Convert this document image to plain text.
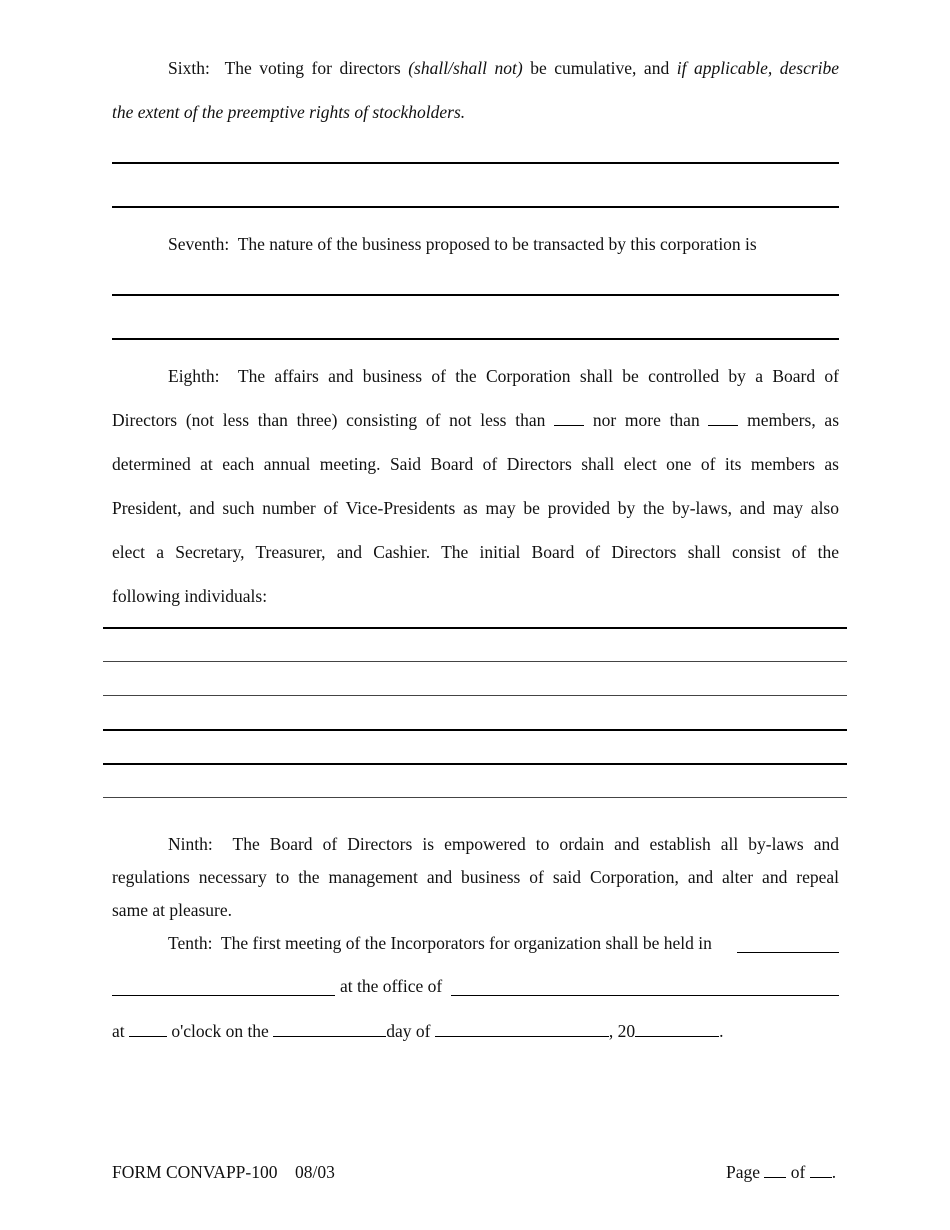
Sixth: The voting for directors (shall/shall not) be cumulative, and if applicable, describe
the extent of the preemptive rights of stockholders.
Seventh: The nature of the business proposed to be transacted by this corporation is
Eighth: The affairs and business of the Corporation shall be controlled by a Board of
Directors (not less than three) consisting of not less than	nor more than	members, as
determined at each annual meeting. Said Board of Directors shall elect one of its members as
President, and such number of Vice-Presidents as may be provided by the by-laws, and may also
elect a Secretary, Treasurer, and Cashier. The initial Board of Directors shall consist of the
following individuals:
Ninth: The Board of Directors is empowered to ordain and establish all by-laws and
regulations necessary to the management and business of said Corporation, and alter and repeal
same at pleasure.
Tenth: The first meeting of the Incorporators for organization shall be held in
at the office of
at	o'clock on the	day of	, 20	.
FORM CONVAPP-100 08/03	Page of .
